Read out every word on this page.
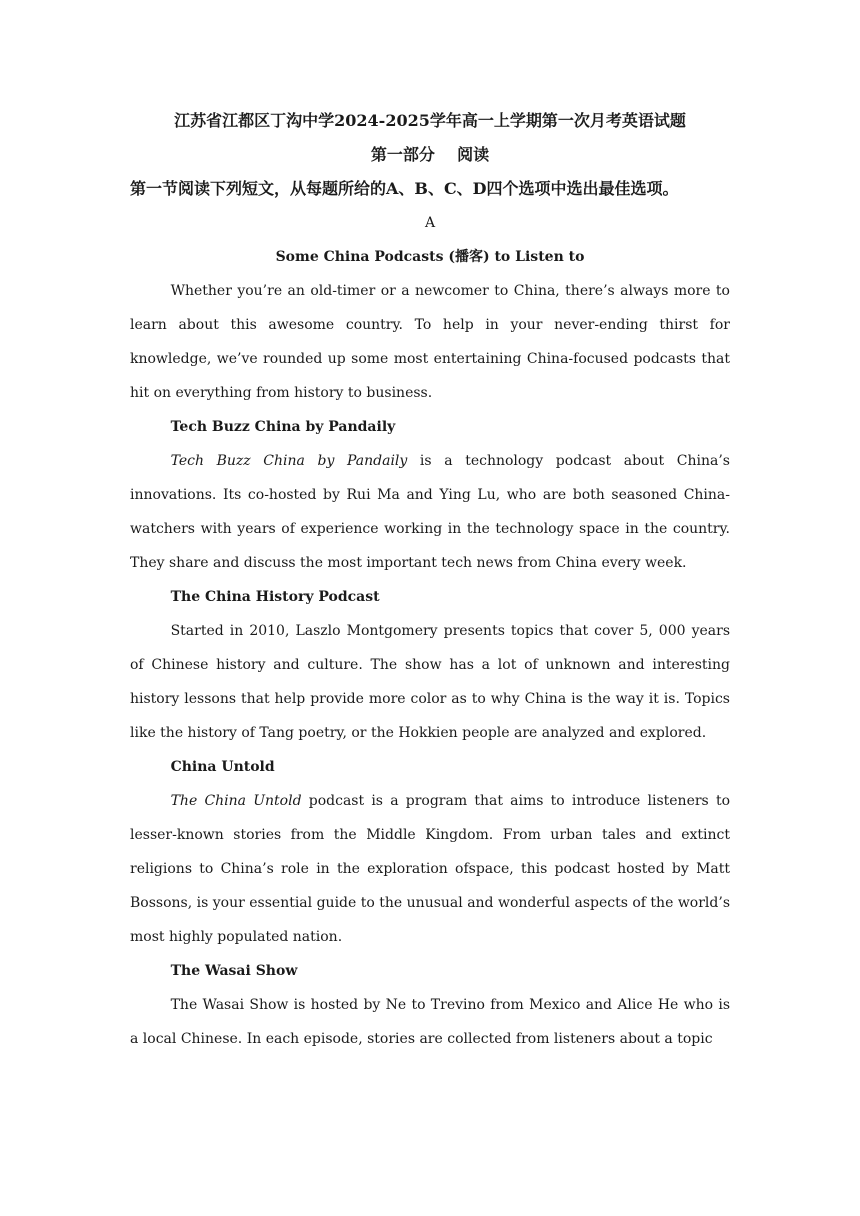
江苏省江都区丁沟中学2024-2025学年高一上学期第一次月考英语试题

第一部分    阅读

第一节阅读下列短文，从每题所给的A、B、C、D四个选项中选出最佳选项。

A

Some China Podcasts (播客) to Listen to

Whether you’re an old-timer or a newcomer to China, there’s always more to learn about this awesome country. To help in your never-ending thirst for knowledge, we’ve rounded up some most entertaining China-focused podcasts that hit on everything from history to business.

Tech Buzz China by Pandaily

Tech Buzz China by Pandaily is a technology podcast about China’s innovations. Its co-hosted by Rui Ma and Ying Lu, who are both seasoned China-watchers with years of experience working in the technology space in the country. They share and discuss the most important tech news from China every week.

The China History Podcast

Started in 2010, Laszlo Montgomery presents topics that cover 5, 000 years of Chinese history and culture. The show has a lot of unknown and interesting history lessons that help provide more color as to why China is the way it is. Topics like the history of Tang poetry, or the Hokkien people are analyzed and explored.

China Untold

The China Untold podcast is a program that aims to introduce listeners to lesser-known stories from the Middle Kingdom. From urban tales and extinct religions to China’s role in the exploration ofspace, this podcast hosted by Matt Bossons, is your essential guide to the unusual and wonderful aspects of the world’s most highly populated nation.

The Wasai Show

The Wasai Show is hosted by Ne to Trevino from Mexico and Alice He who is a local Chinese. In each episode, stories are collected from listeners about a topic
